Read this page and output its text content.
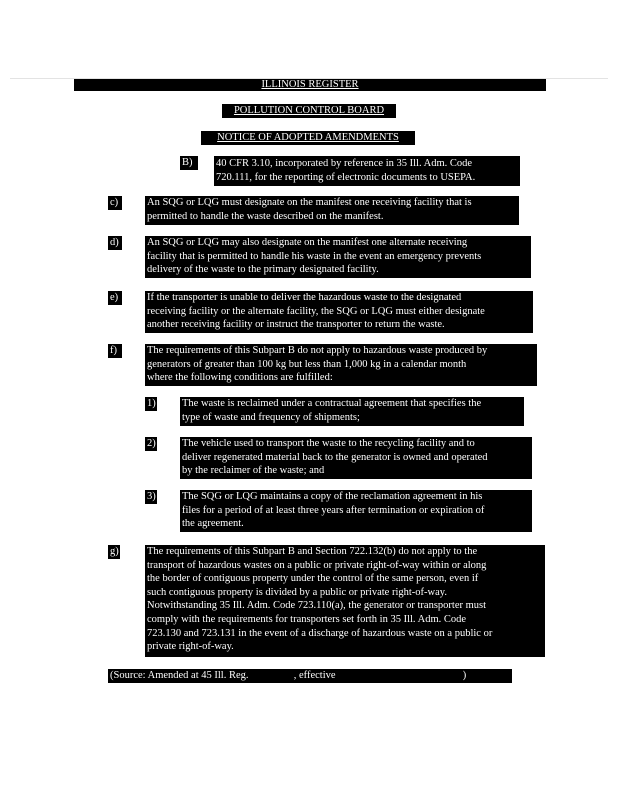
ILLINOIS REGISTER
POLLUTION CONTROL BOARD
NOTICE OF ADOPTED AMENDMENTS
B)	40 CFR 3.10, incorporated by reference in 35 Ill. Adm. Code
720.111, for the reporting of electronic documents to USEPA.
c)	An SQG or LQG must designate on the manifest one receiving facility that is
permitted to handle the waste described on the manifest.
d)	An SQG or LQG may also designate on the manifest one alternate receiving
facility that is permitted to handle his waste in the event an emergency prevents
delivery of the waste to the primary designated facility.
e)	If the transporter is unable to deliver the hazardous waste to the designated
receiving facility or the alternate facility, the SQG or LQG must either designate
another receiving facility or instruct the transporter to return the waste.
f)	The requirements of this Subpart B do not apply to hazardous waste produced by
generators of greater than 100 kg but less than 1,000 kg in a calendar month
where the following conditions are fulfilled:
1)	The waste is reclaimed under a contractual agreement that specifies the
type of waste and frequency of shipments;
2)	The vehicle used to transport the waste to the recycling facility and to
deliver regenerated material back to the generator is owned and operated
by the reclaimer of the waste; and
3)	The SQG or LQG maintains a copy of the reclamation agreement in his
files for a period of at least three years after termination or expiration of
the agreement.
g)	The requirements of this Subpart B and Section 722.132(b) do not apply to the
transport of hazardous wastes on a public or private right-of-way within or along
the border of contiguous property under the control of the same person, even if
such contiguous property is divided by a public or private right-of-way.
Notwithstanding 35 Ill. Adm. Code 723.110(a), the generator or transporter must
comply with the requirements for transporters set forth in 35 Ill. Adm. Code
723.130 and 723.131 in the event of a discharge of hazardous waste on a public or
private right-of-way.
(Source: Amended at 45 Ill. Reg.	, effective	)
